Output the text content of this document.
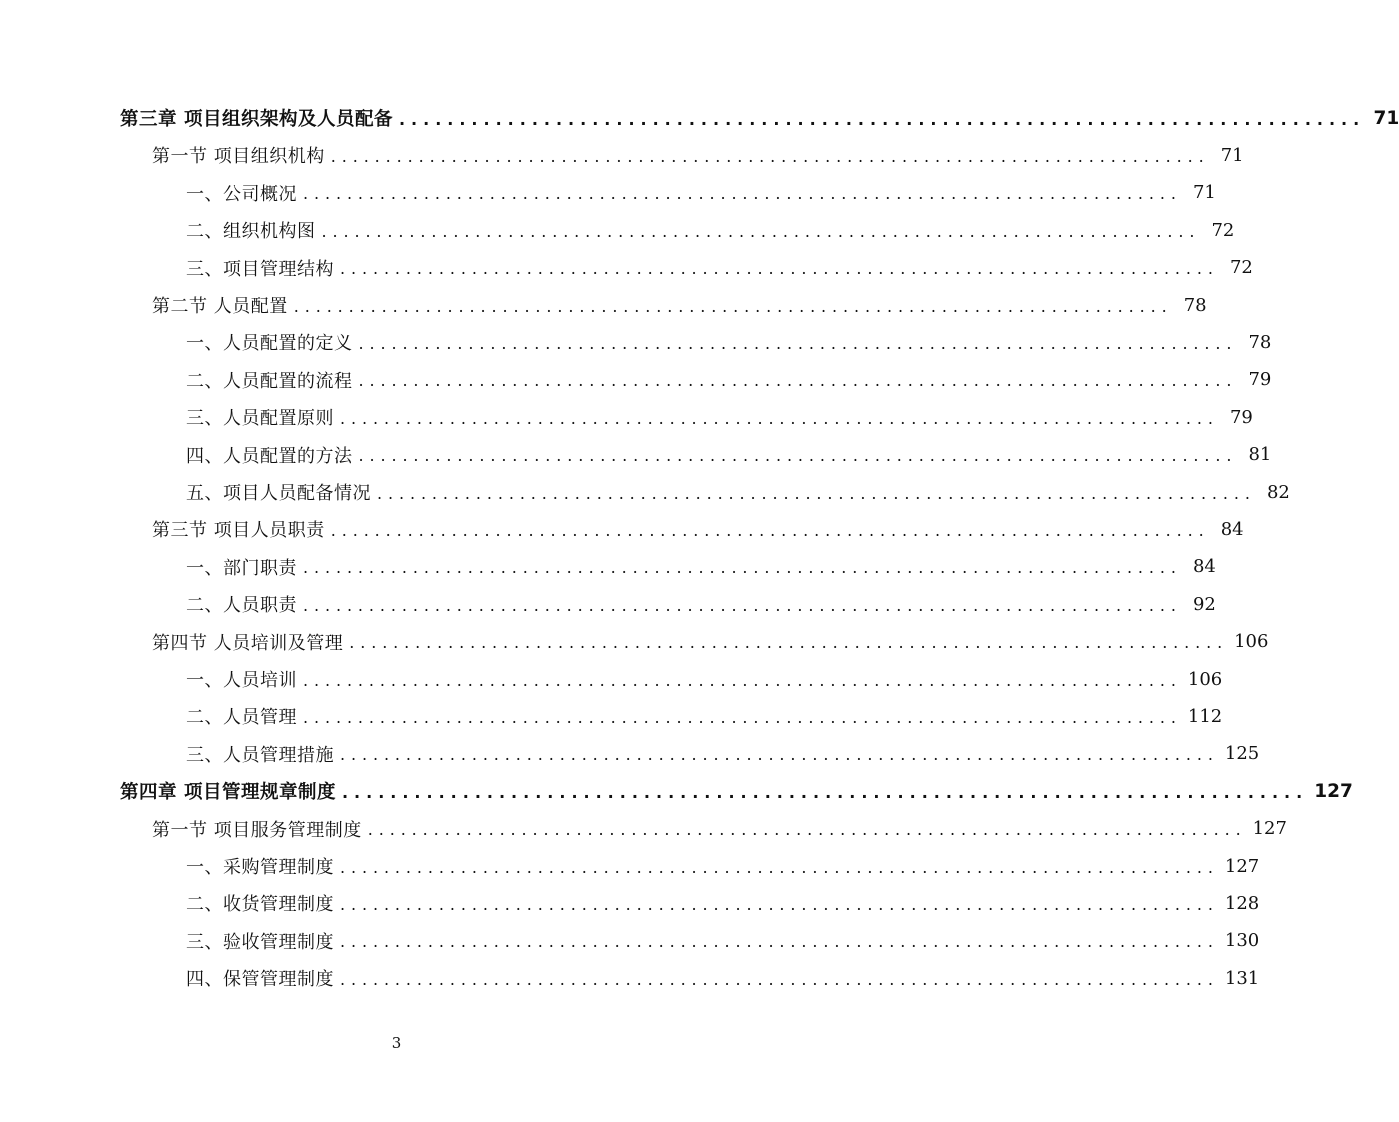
第三章 项目组织架构及人员配备 ................................................................................ 71
第一节 项目组织机构 ................................................................................ 71
一、公司概况 ................................................................................ 71
二、组织机构图 ................................................................................ 72
三、项目管理结构 ................................................................................ 72
第二节 人员配置 ................................................................................ 78
一、人员配置的定义 ................................................................................ 78
二、人员配置的流程 ................................................................................ 79
三、人员配置原则 ................................................................................ 79
四、人员配置的方法 ................................................................................ 81
五、项目人员配备情况 ................................................................................ 82
第三节 项目人员职责 ................................................................................ 84
一、部门职责 ................................................................................ 84
二、人员职责 ................................................................................ 92
第四节 人员培训及管理 ................................................................................ 106
一、人员培训 ................................................................................ 106
二、人员管理 ................................................................................ 112
三、人员管理措施 ................................................................................ 125
第四章 项目管理规章制度 ................................................................................ 127
第一节 项目服务管理制度 ................................................................................ 127
一、采购管理制度 ................................................................................ 127
二、收货管理制度 ................................................................................ 128
三、验收管理制度 ................................................................................ 130
四、保管管理制度 ................................................................................ 131
3
